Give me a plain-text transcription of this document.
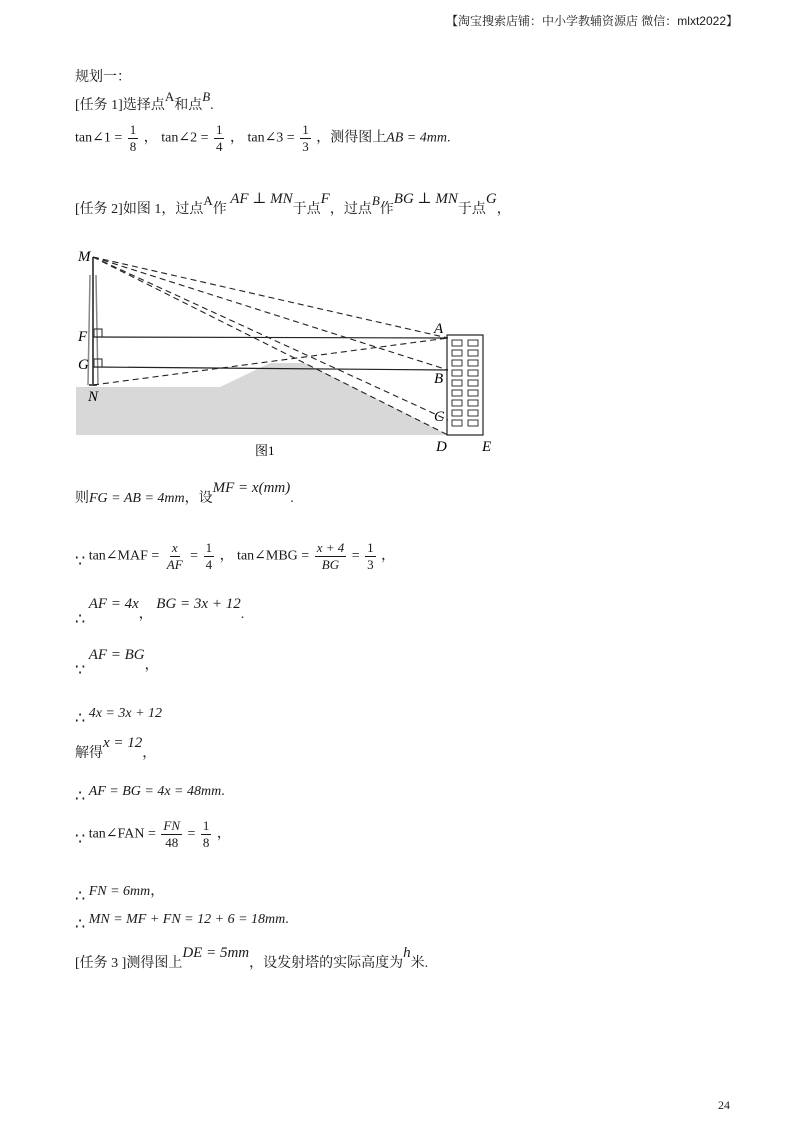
【淘宝搜索店铺：中小学教辅资源店 微信：mlxt2022】
规划一：
[任务 1]选择点A和点B.
tan∠1 = $\frac{1}{8}$ ， tan∠2 = $\frac{1}{4}$ ， tan∠3 = $\frac{1}{3}$ ，测得图上AB = 4mm.
[任务 2]如图 1，过点A作 AF ⊥ MN于点F，过点B作BG ⊥ MN于点G，
M
F
G
N
A
B
C
D E
图1
则FG = AB = 4mm，设MF = x(mm).
∵ tan∠MAF = $\frac{x}{AF} = \frac{1}{4}$ ， tan∠MBG = $\frac{x + 4}{BG} = \frac{1}{3}$ ，
∴ AF = 4x， BG = 3x + 12.
∵ AF = BG，
∴ 4x = 3x + 12
解得x = 12，
∴ AF = BG = 4x = 48mm.
∵ tan∠FAN = $\frac{FN}{48} = \frac{1}{8}$ ，
∴ FN = 6mm，
∴ MN = MF + FN = 12 + 6 = 18mm.
[任务 3 ]测得图上DE = 5mm，设发射塔的实际高度为h米.
24
